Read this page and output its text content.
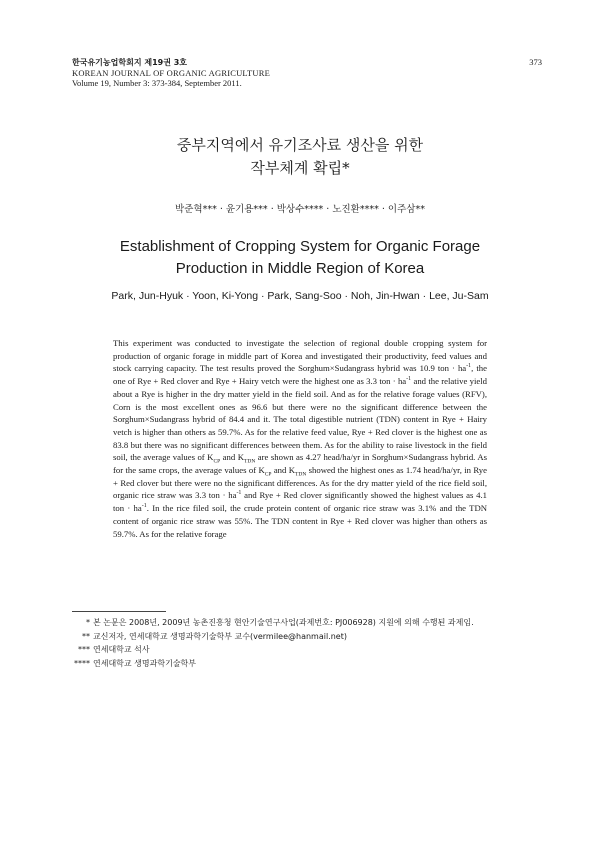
한국유기농업학회지 제19권 3호
KOREAN JOURNAL OF ORGANIC AGRICULTURE
Volume 19, Number 3: 373-384, September 2011.
373
중부지역에서 유기조사료 생산을 위한
작부체계 확립*
박준혁*** · 윤기용*** · 박상수**** · 노진환**** · 이주삼**
Establishment of Cropping System for Organic Forage
Production in Middle Region of Korea
Park, Jun-Hyuk · Yoon, Ki-Yong · Park, Sang-Soo · Noh, Jin-Hwan · Lee, Ju-Sam
This experiment was conducted to investigate the selection of regional double cropping system for production of organic forage in middle part of Korea and investigated their productivity, feed values and stock carrying capacity. The test results proved the Sorghum×Sudangrass hybrid was 10.9 ton · $ha^{-1}$, the one of Rye + Red clover and Rye + Hairy vetch were the highest one as 3.3 ton · $ha^{-1}$ and the relative yield about a Rye is higher in the dry matter yield in the field soil. And as for the relative forage values (RFV), Corn is the most excellent ones as 96.6 but there were no the significant difference between the Sorghum×Sudangrass hybrid of 84.4 and it. The total digestible nutrient (TDN) content in Rye + Hairy vetch is higher than others as 59.7%. As for the relative feed value, Rye + Red clover is the highest one as 83.8 but there was no significant differences between them. As for the ability to raise livestock in the field soil, the average values of $K_{CP}$ and $K_{TDN}$ are shown as 4.27 head/ha/yr in Sorghum×Sudangrass hybrid. As for the same crops, the average values of $K_{CP}$ and $K_{TDN}$ showed the highest ones as 1.74 head/ha/yr, in Rye + Red clover but there were no the significant differences. As for the dry matter yield of the rice field soil, organic rice straw was 3.3 ton · $ha^{-1}$ and Rye + Red clover significantly showed the highest values as 4.1 ton · $ha^{-1}$. In the rice filed soil, the crude protein content of organic rice straw was 3.1% and the TDN content of organic rice straw was 55%. The TDN content in Rye + Red clover was higher than others as 59.7%. As for the relative forage
* 본 논문은 2008년, 2009년 농촌진흥청 현안기술연구사업(과제번호: PJ006928) 지원에 의해 수행된 과제임.
** 교신저자, 연세대학교 생명과학기술학부 교수(vermilee@hanmail.net)
*** 연세대학교 석사
**** 연세대학교 생명과학기술학부
